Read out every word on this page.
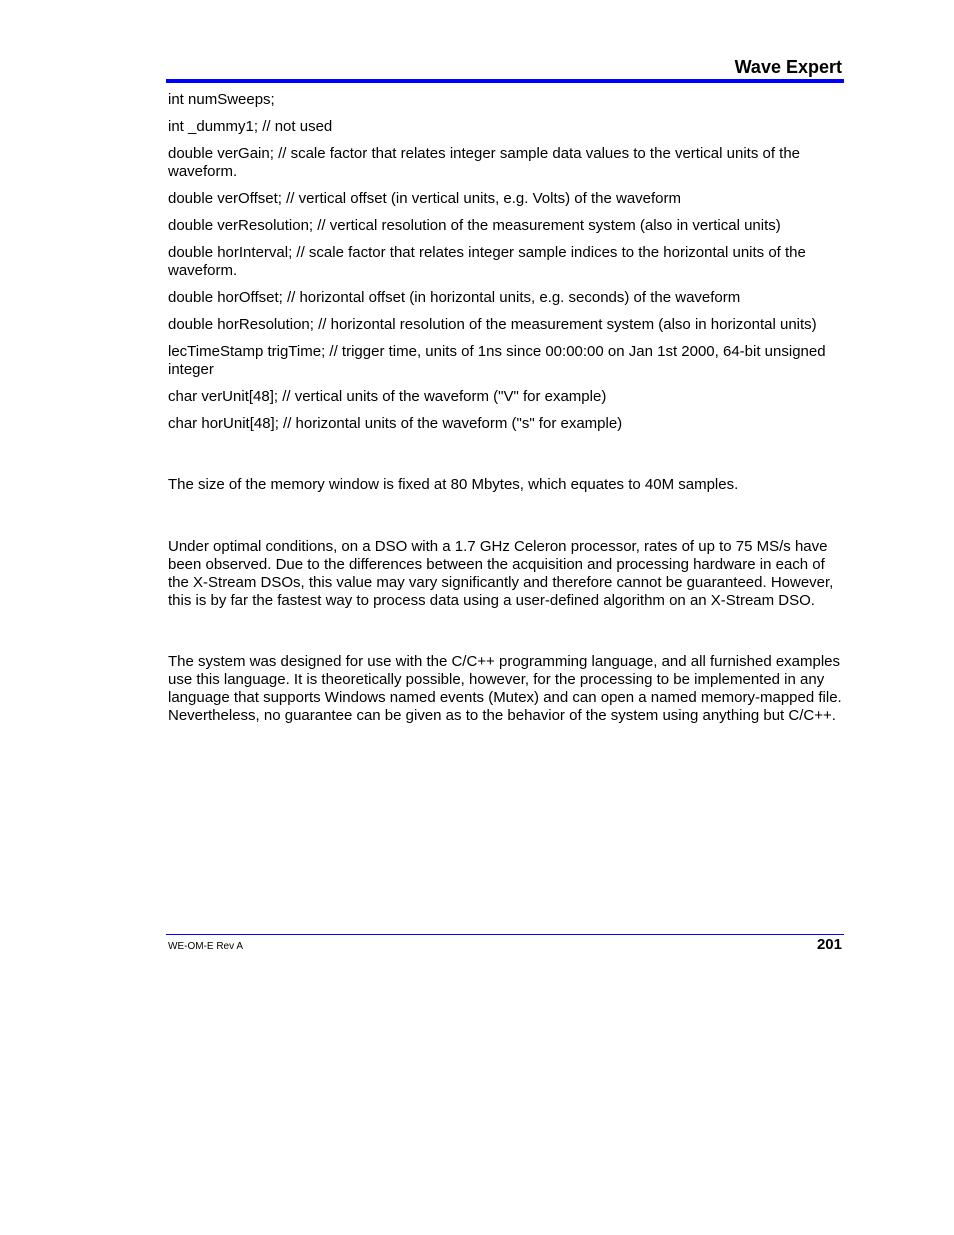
Wave Expert

int numSweeps;

int _dummy1; // not used

double verGain; // scale factor that relates integer sample data values to the vertical units of the waveform.

double verOffset; // vertical offset (in vertical units, e.g. Volts) of the waveform

double verResolution; // vertical resolution of the measurement system (also in vertical units)

double horInterval; // scale factor that relates integer sample indices to the horizontal units of the waveform.

double horOffset; // horizontal offset (in horizontal units, e.g. seconds) of the waveform

double horResolution; // horizontal resolution of the measurement system (also in horizontal units)

lecTimeStamp trigTime; // trigger time, units of 1ns since 00:00:00 on Jan 1st 2000, 64-bit unsigned integer

char verUnit[48]; // vertical units of the waveform ("V" for example)

char horUnit[48]; // horizontal units of the waveform ("s" for example)

The size of the memory window is fixed at 80 Mbytes, which equates to 40M samples.

Under optimal conditions, on a DSO with a 1.7 GHz Celeron processor, rates of up to 75 MS/s have been observed. Due to the differences between the acquisition and processing hardware in each of the X-Stream DSOs, this value may vary significantly and therefore cannot be guaranteed. However, this is by far the fastest way to process data using a user-defined algorithm on an X-Stream DSO.

The system was designed for use with the C/C++ programming language, and all furnished examples use this language. It is theoretically possible, however, for the processing to be implemented in any language that supports Windows named events (Mutex) and can open a named memory-mapped file. Nevertheless, no guarantee can be given as to the behavior of the system using anything but C/C++.

WE-OM-E Rev A	201
